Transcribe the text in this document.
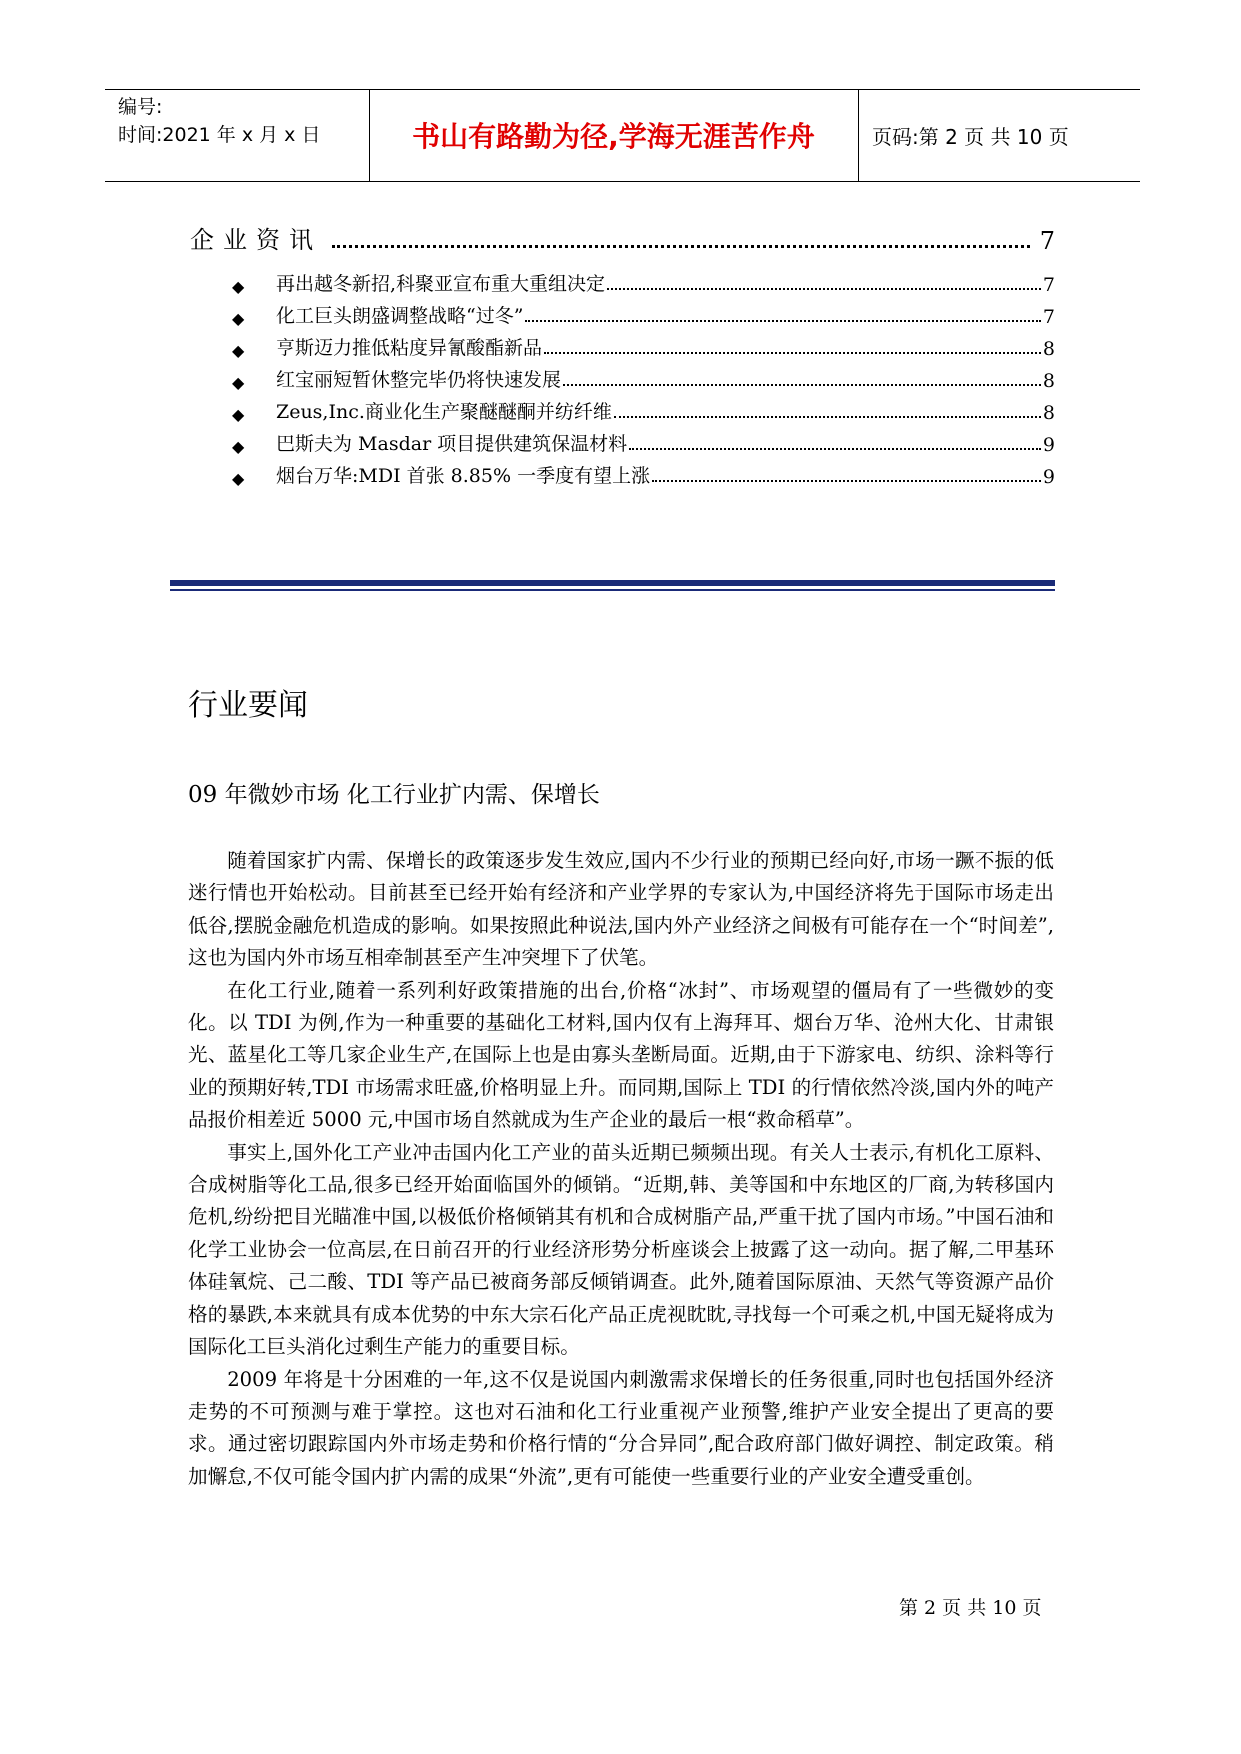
编号:
时间:2021 年 x 月 x 日	书山有路勤为径,学海无涯苦作舟	页码:第 2 页 共 10 页
企业资讯	7
◆	再出越冬新招,科聚亚宣布重大重组决定	7
◆	化工巨头朗盛调整战略“过冬”	7
◆	亨斯迈力推低粘度异氰酸酯新品	8
◆	红宝丽短暂休整完毕仍将快速发展	8
◆	Zeus,Inc.商业化生产聚醚醚酮并纺纤维	8
◆	巴斯夫为 Masdar 项目提供建筑保温材料	9
◆	烟台万华:MDI 首张 8.85% 一季度有望上涨	9
行业要闻
09 年微妙市场 化工行业扩内需、保增长

随着国家扩内需、保增长的政策逐步发生效应,国内不少行业的预期已经向好,市场一蹶不振的低迷行情也开始松动。目前甚至已经开始有经济和产业学界的专家认为,中国经济将先于国际市场走出低谷,摆脱金融危机造成的影响。如果按照此种说法,国内外产业经济之间极有可能存在一个“时间差”,这也为国内外市场互相牵制甚至产生冲突埋下了伏笔。

在化工行业,随着一系列利好政策措施的出台,价格“冰封”、市场观望的僵局有了一些微妙的变化。以 TDI 为例,作为一种重要的基础化工材料,国内仅有上海拜耳、烟台万华、沧州大化、甘肃银光、蓝星化工等几家企业生产,在国际上也是由寡头垄断局面。近期,由于下游家电、纺织、涂料等行业的预期好转,TDI 市场需求旺盛,价格明显上升。而同期,国际上 TDI 的行情依然冷淡,国内外的吨产品报价相差近 5000 元,中国市场自然就成为生产企业的最后一根“救命稻草”。

事实上,国外化工产业冲击国内化工产业的苗头近期已频频出现。有关人士表示,有机化工原料、合成树脂等化工品,很多已经开始面临国外的倾销。“近期,韩、美等国和中东地区的厂商,为转移国内危机,纷纷把目光瞄准中国,以极低价格倾销其有机和合成树脂产品,严重干扰了国内市场。”中国石油和化学工业协会一位高层,在日前召开的行业经济形势分析座谈会上披露了这一动向。据了解,二甲基环体硅氧烷、己二酸、TDI 等产品已被商务部反倾销调查。此外,随着国际原油、天然气等资源产品价格的暴跌,本来就具有成本优势的中东大宗石化产品正虎视眈眈,寻找每一个可乘之机,中国无疑将成为国际化工巨头消化过剩生产能力的重要目标。

2009 年将是十分困难的一年,这不仅是说国内刺激需求保增长的任务很重,同时也包括国外经济走势的不可预测与难于掌控。这也对石油和化工行业重视产业预警,维护产业安全提出了更高的要求。通过密切跟踪国内外市场走势和价格行情的“分合异同”,配合政府部门做好调控、制定政策。稍加懈怠,不仅可能令国内扩内需的成果“外流”,更有可能使一些重要行业的产业安全遭受重创。

第 2 页 共 10 页
